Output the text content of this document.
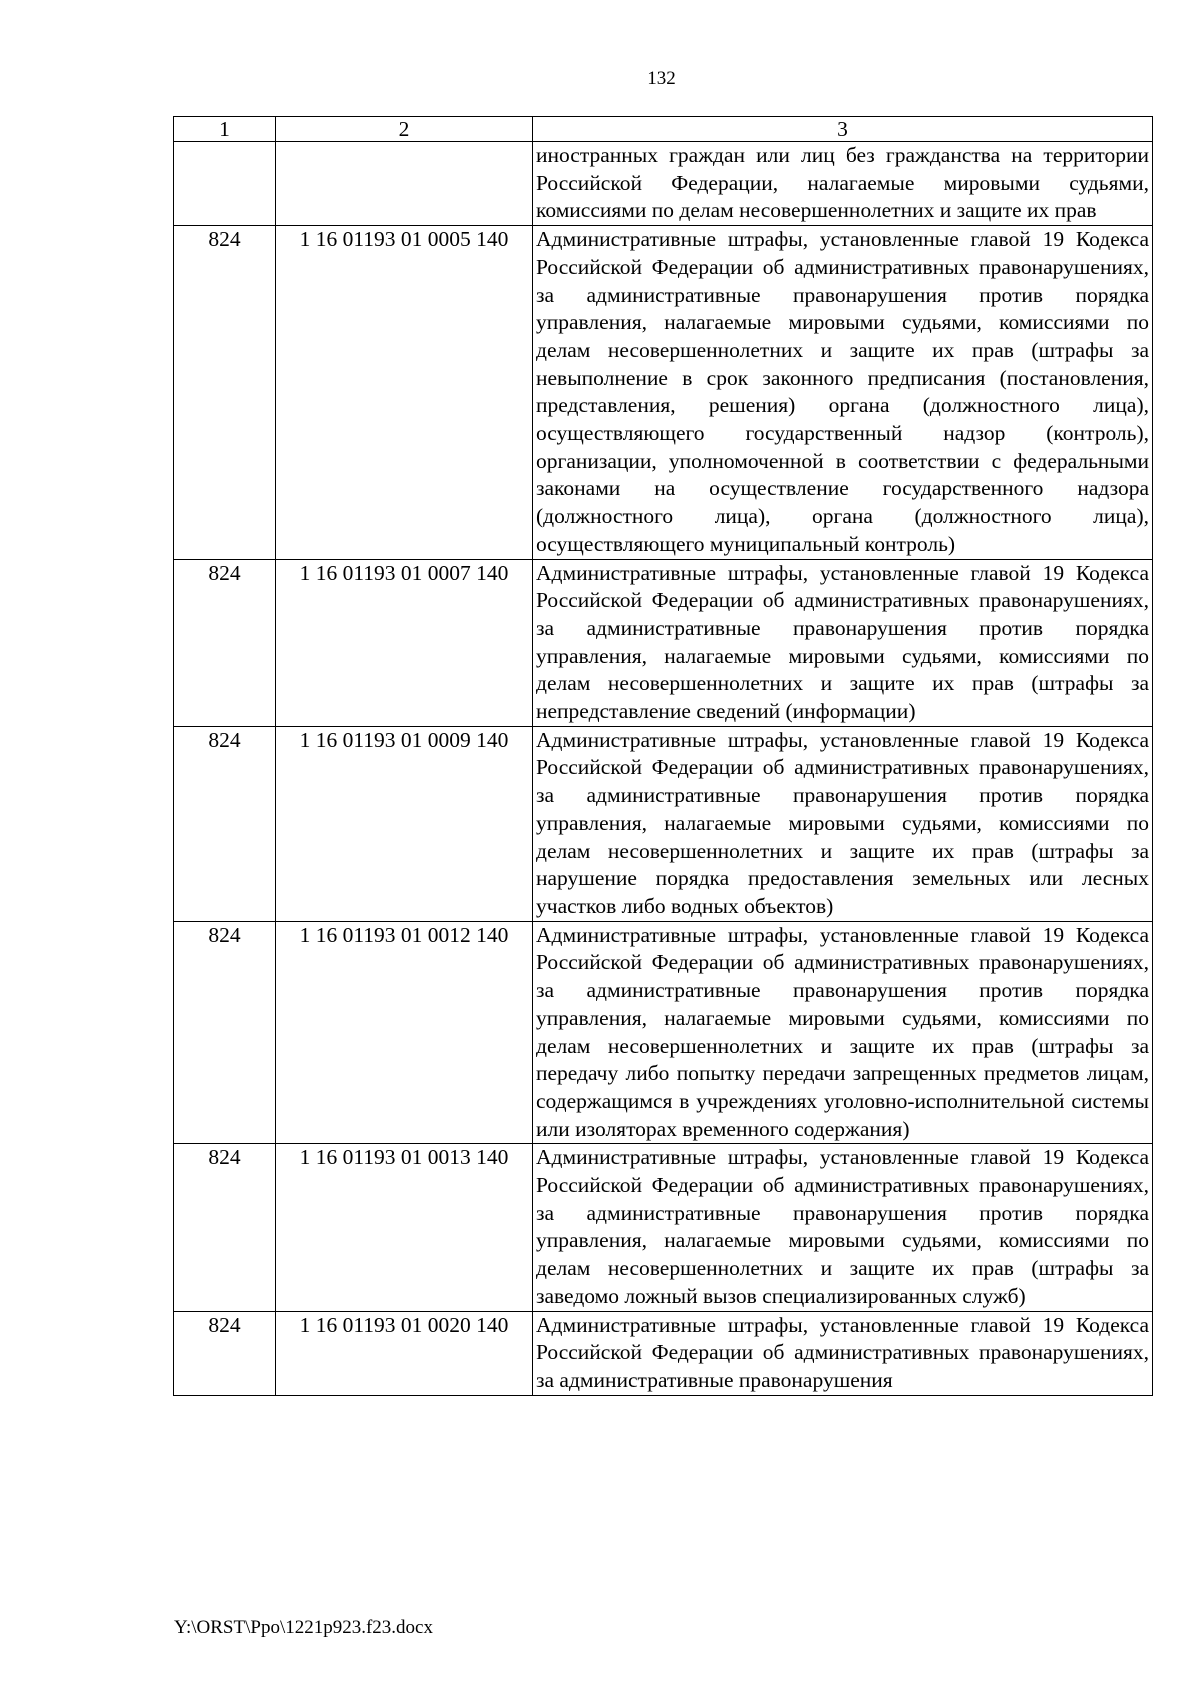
132
1	2	3
		иностранных граждан или лиц без гражданства на территории Российской Федерации, налагаемые мировыми судьями, комиссиями по делам несовершеннолетних и защите их прав
824	1 16 01193 01 0005 140	Административные штрафы, установленные главой 19 Кодекса Российской Федерации об административных правонарушениях, за административные правонарушения против порядка управления, налагаемые мировыми судьями, комиссиями по делам несовершеннолетних и защите их прав (штрафы за невыполнение в срок законного предписания (постановления, представления, решения) органа (должностного лица), осуществляющего государственный надзор (контроль), организации, уполномоченной в соответствии с федеральными законами на осуществление государственного надзора (должностного лица), органа (должностного лица), осуществляющего муниципальный контроль)
824	1 16 01193 01 0007 140	Административные штрафы, установленные главой 19 Кодекса Российской Федерации об административных правонарушениях, за административные правонарушения против порядка управления, налагаемые мировыми судьями, комиссиями по делам несовершеннолетних и защите их прав (штрафы за непредставление сведений (информации)
824	1 16 01193 01 0009 140	Административные штрафы, установленные главой 19 Кодекса Российской Федерации об административных правонарушениях, за административные правонарушения против порядка управления, налагаемые мировыми судьями, комиссиями по делам несовершеннолетних и защите их прав (штрафы за нарушение порядка предоставления земельных или лесных участков либо водных объектов)
824	1 16 01193 01 0012 140	Административные штрафы, установленные главой 19 Кодекса Российской Федерации об административных правонарушениях, за административные правонарушения против порядка управления, налагаемые мировыми судьями, комиссиями по делам несовершеннолетних и защите их прав (штрафы за передачу либо попытку передачи запрещенных предметов лицам, содержащимся в учреждениях уголовно-исполнительной системы или изоляторах временного содержания)
824	1 16 01193 01 0013 140	Административные штрафы, установленные главой 19 Кодекса Российской Федерации об административных правонарушениях, за административные правонарушения против порядка управления, налагаемые мировыми судьями, комиссиями по делам несовершеннолетних и защите их прав (штрафы за заведомо ложный вызов специализированных служб)
824	1 16 01193 01 0020 140	Административные штрафы, установленные главой 19 Кодекса Российской Федерации об административных правонарушениях, за административные правонарушения
Y:\ORST\Ppo\1221p923.f23.docx
